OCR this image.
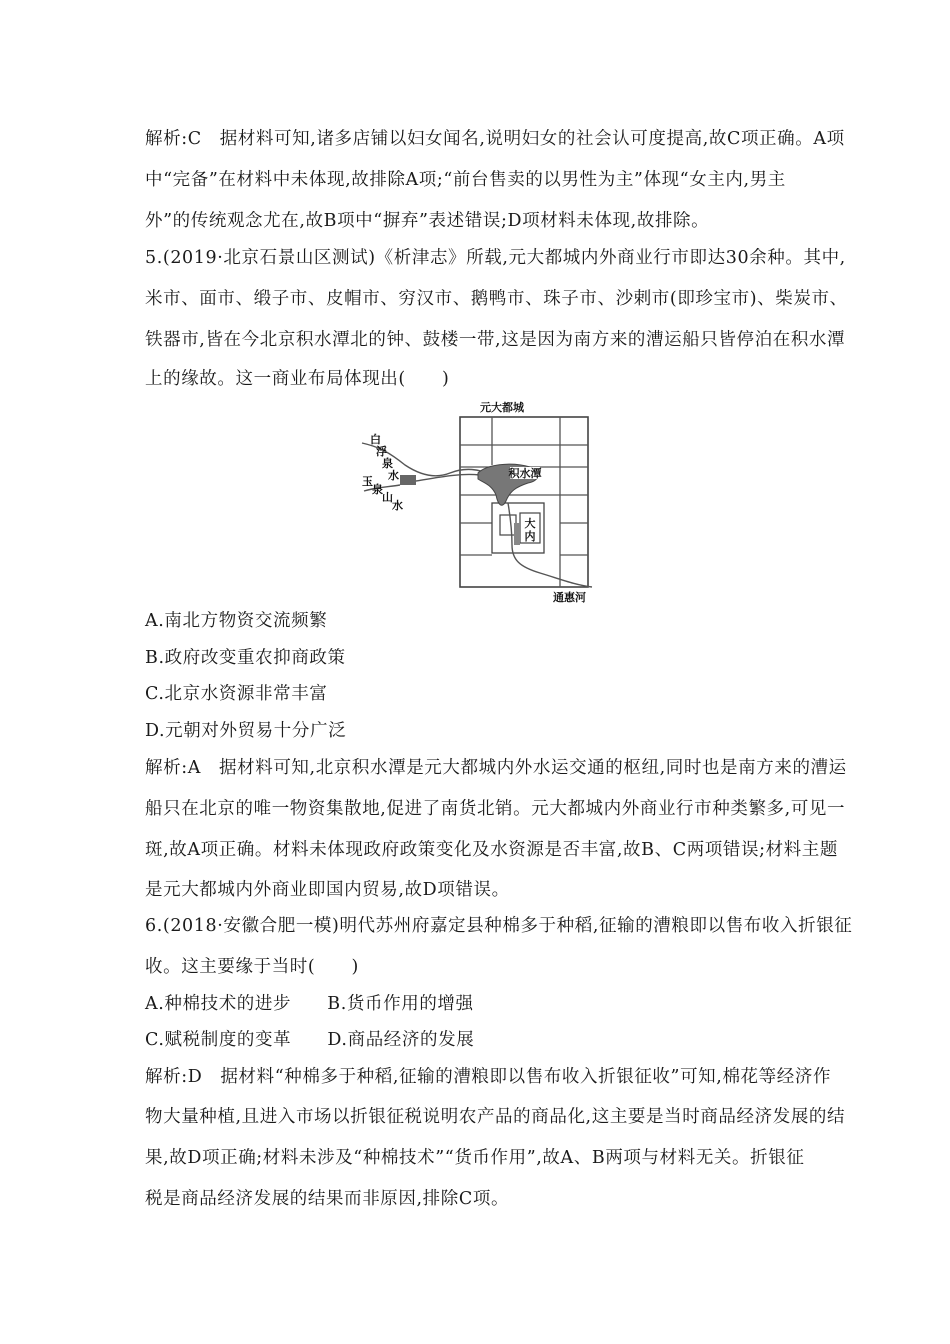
解析:C　据材料可知,诸多店铺以妇女闻名,说明妇女的社会认可度提高,故C项正确。A项
中“完备”在材料中未体现,故排除A项;“前台售卖的以男性为主”体现“女主内,男主
外”的传统观念尤在,故B项中“摒弃”表述错误;D项材料未体现,故排除。
5.(2019·北京石景山区测试)《析津志》所载,元大都城内外商业行市即达30余种。其中,
米市、面市、缎子市、皮帽市、穷汉市、鹅鸭市、珠子市、沙剌市(即珍宝市)、柴炭市、
铁器市,皆在今北京积水潭北的钟、鼓楼一带,这是因为南方来的漕运船只皆停泊在积水潭
上的缘故。这一商业布局体现出(　　)
元大都城
积水潭
大
内
白
浮
泉
水
玉
泉
山
水
通惠河
A.南北方物资交流频繁
B.政府改变重农抑商政策
C.北京水资源非常丰富
D.元朝对外贸易十分广泛
解析:A　据材料可知,北京积水潭是元大都城内外水运交通的枢纽,同时也是南方来的漕运
船只在北京的唯一物资集散地,促进了南货北销。元大都城内外商业行市种类繁多,可见一
斑,故A项正确。材料未体现政府政策变化及水资源是否丰富,故B、C两项错误;材料主题
是元大都城内外商业即国内贸易,故D项错误。
6.(2018·安徽合肥一模)明代苏州府嘉定县种棉多于种稻,征输的漕粮即以售布收入折银征
收。这主要缘于当时(　　)
A.种棉技术的进步　　B.货币作用的增强
C.赋税制度的变革　　D.商品经济的发展
解析:D　据材料“种棉多于种稻,征输的漕粮即以售布收入折银征收”可知,棉花等经济作
物大量种植,且进入市场以折银征税说明农产品的商品化,这主要是当时商品经济发展的结
果,故D项正确;材料未涉及“种棉技术”“货币作用”,故A、B两项与材料无关。折银征
税是商品经济发展的结果而非原因,排除C项。
